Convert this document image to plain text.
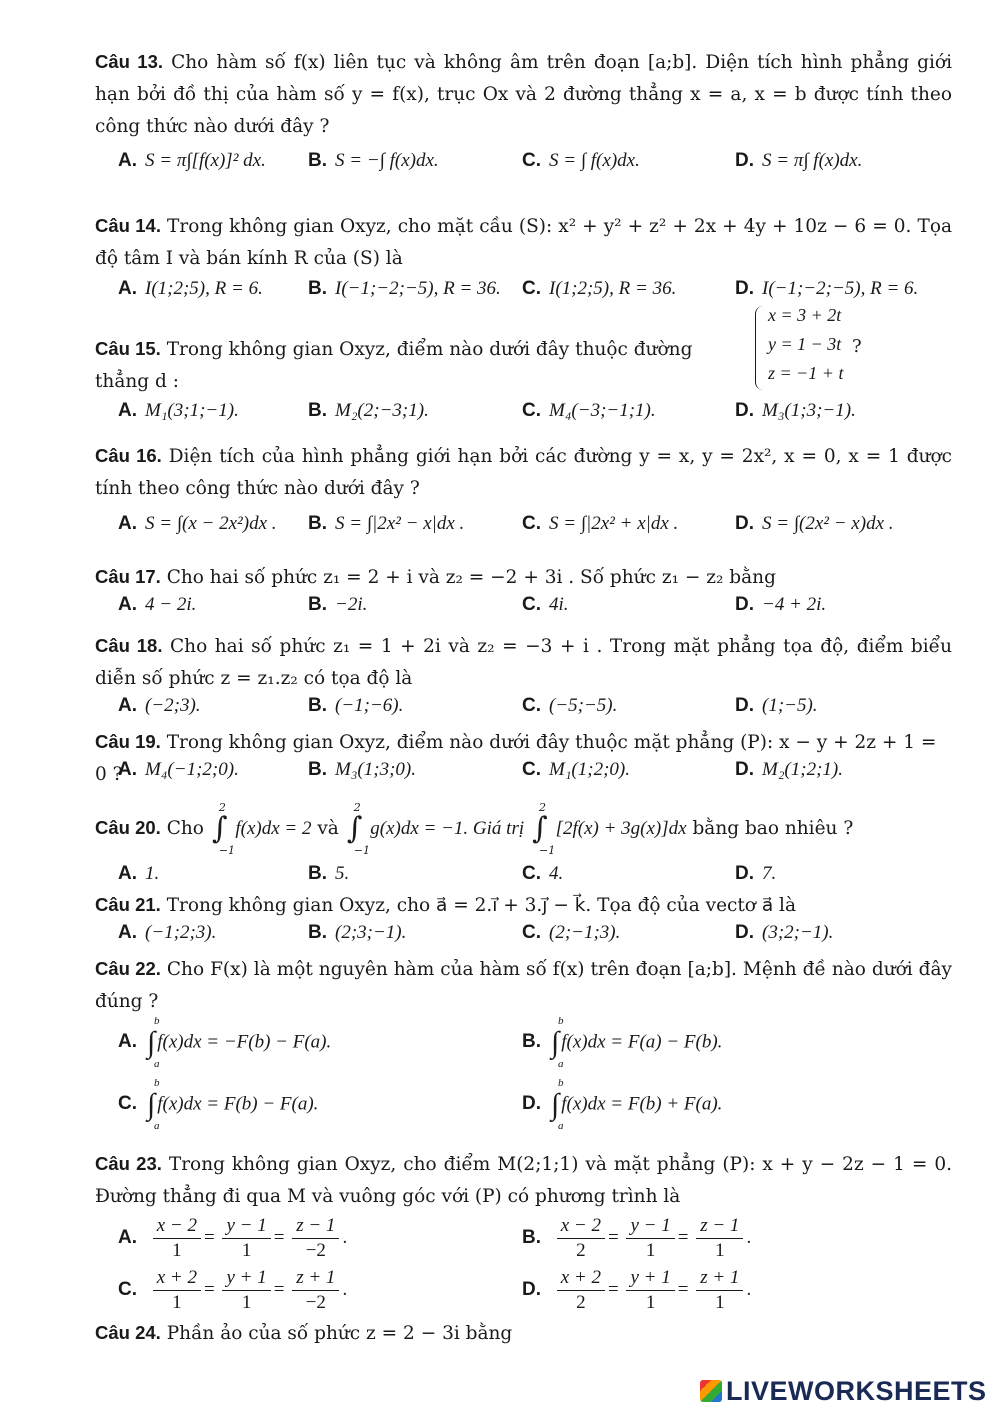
Câu 13. Cho hàm số f(x) liên tục và không âm trên đoạn [a;b]. Diện tích hình phẳng giới hạn bởi đồ thị của hàm số y = f(x), trục Ox và 2 đường thẳng x = a, x = b được tính theo công thức nào dưới đây ?
A. S = π∫[f(x)]² dx. B. S = −∫ f(x)dx.	C. S = ∫ f(x)dx.	D. S = π∫ f(x)dx.
Câu 14. Trong không gian Oxyz, cho mặt cầu (S): x² + y² + z² + 2x + 4y + 10z − 6 = 0. Tọa độ tâm I và bán kính R của (S) là
A. I(1;2;5), R = 6. B. I(−1;−2;−5), R = 36. C. I(1;2;5), R = 36.	D. I(−1;−2;−5), R = 6.
Câu 15. Trong không gian Oxyz, điểm nào dưới đây thuộc đường thẳng d :
x = 3 + 2t
y = 1 − 3t
z = −1 + t
?
A. M₁(3;1;−1).	B. M₂(2;−3;1).	C. M₄(−3;−1;1).	D. M₃(1;3;−1).
Câu 16. Diện tích của hình phẳng giới hạn bởi các đường y = x, y = 2x², x = 0, x = 1 được tính theo công thức nào dưới đây ?
A. S = ∫(x − 2x²)dx . B. S = ∫|2x² − x|dx .	C. S = ∫|2x² + x|dx .	D. S = ∫(2x² − x)dx .
Câu 17. Cho hai số phức z₁ = 2 + i và z₂ = −2 + 3i . Số phức z₁ − z₂ bằng
A. 4 − 2i.	B. −2i.	C. 4i.	D. −4 + 2i.
Câu 18. Cho hai số phức z₁ = 1 + 2i và z₂ = −3 + i . Trong mặt phẳng tọa độ, điểm biểu diễn số phức z = z₁.z₂ có tọa độ là
A. (−2;3).	B. (−1;−6).	C. (−5;−5).	D. (1;−5).
Câu 19. Trong không gian Oxyz, điểm nào dưới đây thuộc mặt phẳng (P): x − y + 2z + 1 = 0 ?
A. M₄(−1;2;0).	B. M₃(1;3;0).	C. M₁(1;2;0).	D. M₂(1;2;1).
Câu 20. Cho ∫
2
−1
f(x)dx = 2 và ∫
2
−1
g(x)dx = −1. Giá trị ∫
2
−1
[2f(x) + 3g(x)]dx bằng bao nhiêu ?
A. 1.	B. 5.	C. 4.	D. 7.
Câu 21. Trong không gian Oxyz, cho a⃗ = 2.i⃗ + 3.j⃗ − k⃗. Tọa độ của vectơ a⃗ là
A. (−1;2;3).	B. (2;3;−1).	C. (2;−1;3).	D. (3;2;−1).
Câu 22. Cho F(x) là một nguyên hàm của hàm số f(x) trên đoạn [a;b]. Mệnh đề nào dưới đây đúng ?
A. ∫
b
a
f(x)dx = −F(b) − F(a).	B. ∫
b
a
f(x)dx = F(a) − F(b).
C. ∫
b
a
f(x)dx = F(b) − F(a).	D. ∫
b
a
f(x)dx = F(b) + F(a).
Câu 23. Trong không gian Oxyz, cho điểm M(2;1;1) và mặt phẳng (P): x + y − 2z − 1 = 0. Đường thẳng đi qua M và vuông góc với (P) có phương trình là
A. $\frac{x - 2}{1} = \frac{y - 1}{1} = \frac{z - 1}{-2}$ .	B. $\frac{x - 2}{2} = \frac{y - 1}{1} = \frac{z - 1}{1}$ .
C. $\frac{x + 2}{1} = \frac{y + 1}{1} = \frac{z + 1}{-2}$ .	D. $\frac{x + 2}{2} = \frac{y + 1}{1} = \frac{z + 1}{1}$ .
Câu 24. Phần ảo của số phức z = 2 − 3i bằng
LIVEWORKSHEETS
